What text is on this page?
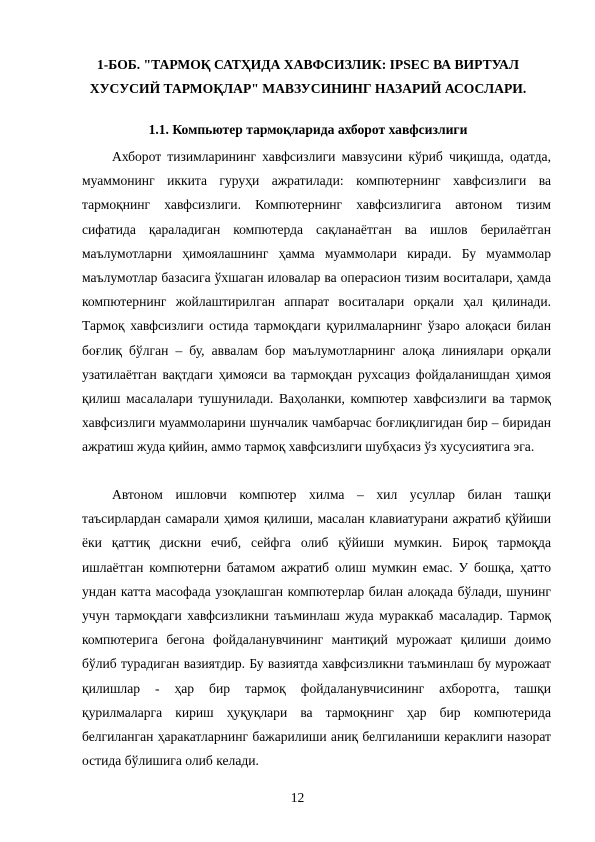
1-БОБ. "ТАРМОҚ САТҲИДА ХАВФСИЗЛИК: IPSEC ВА ВИРТУАЛ ХУСУСИЙ ТАРМОҚЛАР" МАВЗУСИНИНГ НАЗАРИЙ АСОСЛАРИ.
1.1. Компьютер тармоқларида ахборот хавфсизлиги

Ахборот тизимларининг хавфсизлиги мавзусини кўриб чиқишда, одатда, муаммонинг иккита гуруҳи ажратилади: компютернинг хавфсизлиги ва тармоқнинг хавфсизлиги. Компютернинг хавфсизлигига автоном тизим сифатида қараладиган компютерда сақланаётган ва ишлов берилаётган маълумотларни ҳимоялашнинг ҳамма муаммолари киради. Бу муаммолар маълумотлар базасига ўхшаган иловалар ва операсион тизим воситалари, ҳамда компютернинг жойлаштирилган аппарат воситалари орқали ҳал қилинади. Тармоқ хавфсизлиги остида тармоқдаги қурилмаларнинг ўзаро алоқаси билан боғлиқ бўлган – бу, аввалам бор маълумотларнинг алоқа линиялари орқали узатилаётган вақтдаги ҳимояси ва тармоқдан рухсациз фойдаланишдан ҳимоя қилиш масалалари тушунилади. Ваҳоланки, компютер хавфсизлиги ва тармоқ хавфсизлиги муаммоларини шунчалик чамбарчас боғлиқлигидан бир – биридан ажратиш жуда қийин, аммо тармоқ хавфсизлиги шубҳасиз ўз хусусиятига эга.

Автоном ишловчи компютер хилма – хил усуллар билан ташқи таъсирлардан самарали ҳимоя қилиши, масалан клавиатурани ажратиб қўйиши ёки қаттиқ дискни ечиб, сейфга олиб қўйиши мумкин. Бироқ тармоқда ишлаётган компютерни батамом ажратиб олиш мумкин емас. У бошқа, ҳатто ундан катта масофада узоқлашган компютерлар билан алоқада бўлади, шунинг учун тармоқдаги хавфсизликни таъминлаш жуда мураккаб масаладир. Тармоқ компютерига бегона фойдаланувчининг мантиқий мурожаат қилиши доимо бўлиб турадиган вазиятдир. Бу вазиятда хавфсизликни таъминлаш бу мурожаат қилишлар - ҳар бир тармоқ фойдаланувчисининг ахборотга, ташқи қурилмаларга кириш ҳуқуқлари ва тармоқнинг ҳар бир компютерида белгиланган ҳаракатларнинг бажарилиши аниқ белгиланиши кераклиги назорат остида бўлишига олиб келади.

12
